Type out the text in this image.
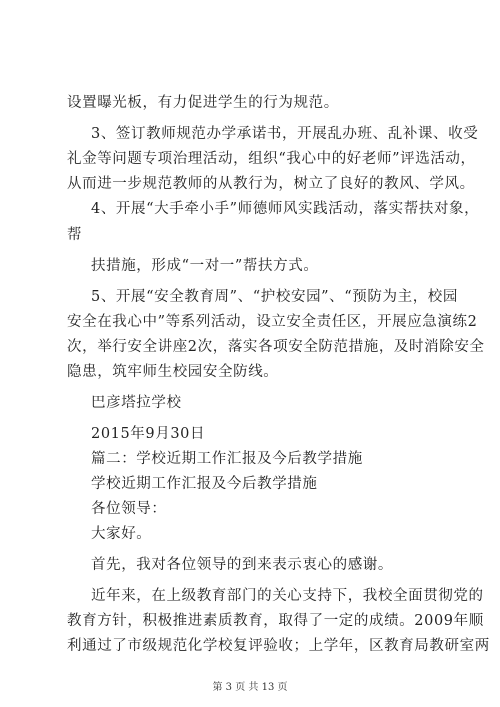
设置曝光板，有力促进学生的行为规范。
3、签订教师规范办学承诺书，开展乱办班、乱补课、收受
礼金等问题专项治理活动，组织“我心中的好老师”评选活动，
从而进一步规范教师的从教行为，树立了良好的教风、学风。
4、开展“大手牵小手”师德师风实践活动，落实帮扶对象，
帮
扶措施，形成“一对一”帮扶方式。
5、开展“安全教育周”、“护校安园”、“预防为主，校园
安全在我心中”等系列活动，设立安全责任区，开展应急演练2
次，举行安全讲座2次，落实各项安全防范措施，及时消除安全
隐患，筑牢师生校园安全防线。
巴彦塔拉学校
2015年9月30日
篇二：学校近期工作汇报及今后教学措施
学校近期工作汇报及今后教学措施
各位领导：
大家好。
首先，我对各位领导的到来表示衷心的感谢。
近年来，在上级教育部门的关心支持下，我校全面贯彻党的
教育方针，积极推进素质教育，取得了一定的成绩。2009年顺
利通过了市级规范化学校复评验收；上学年，区教育局教研室两
第 3 页 共 13 页
